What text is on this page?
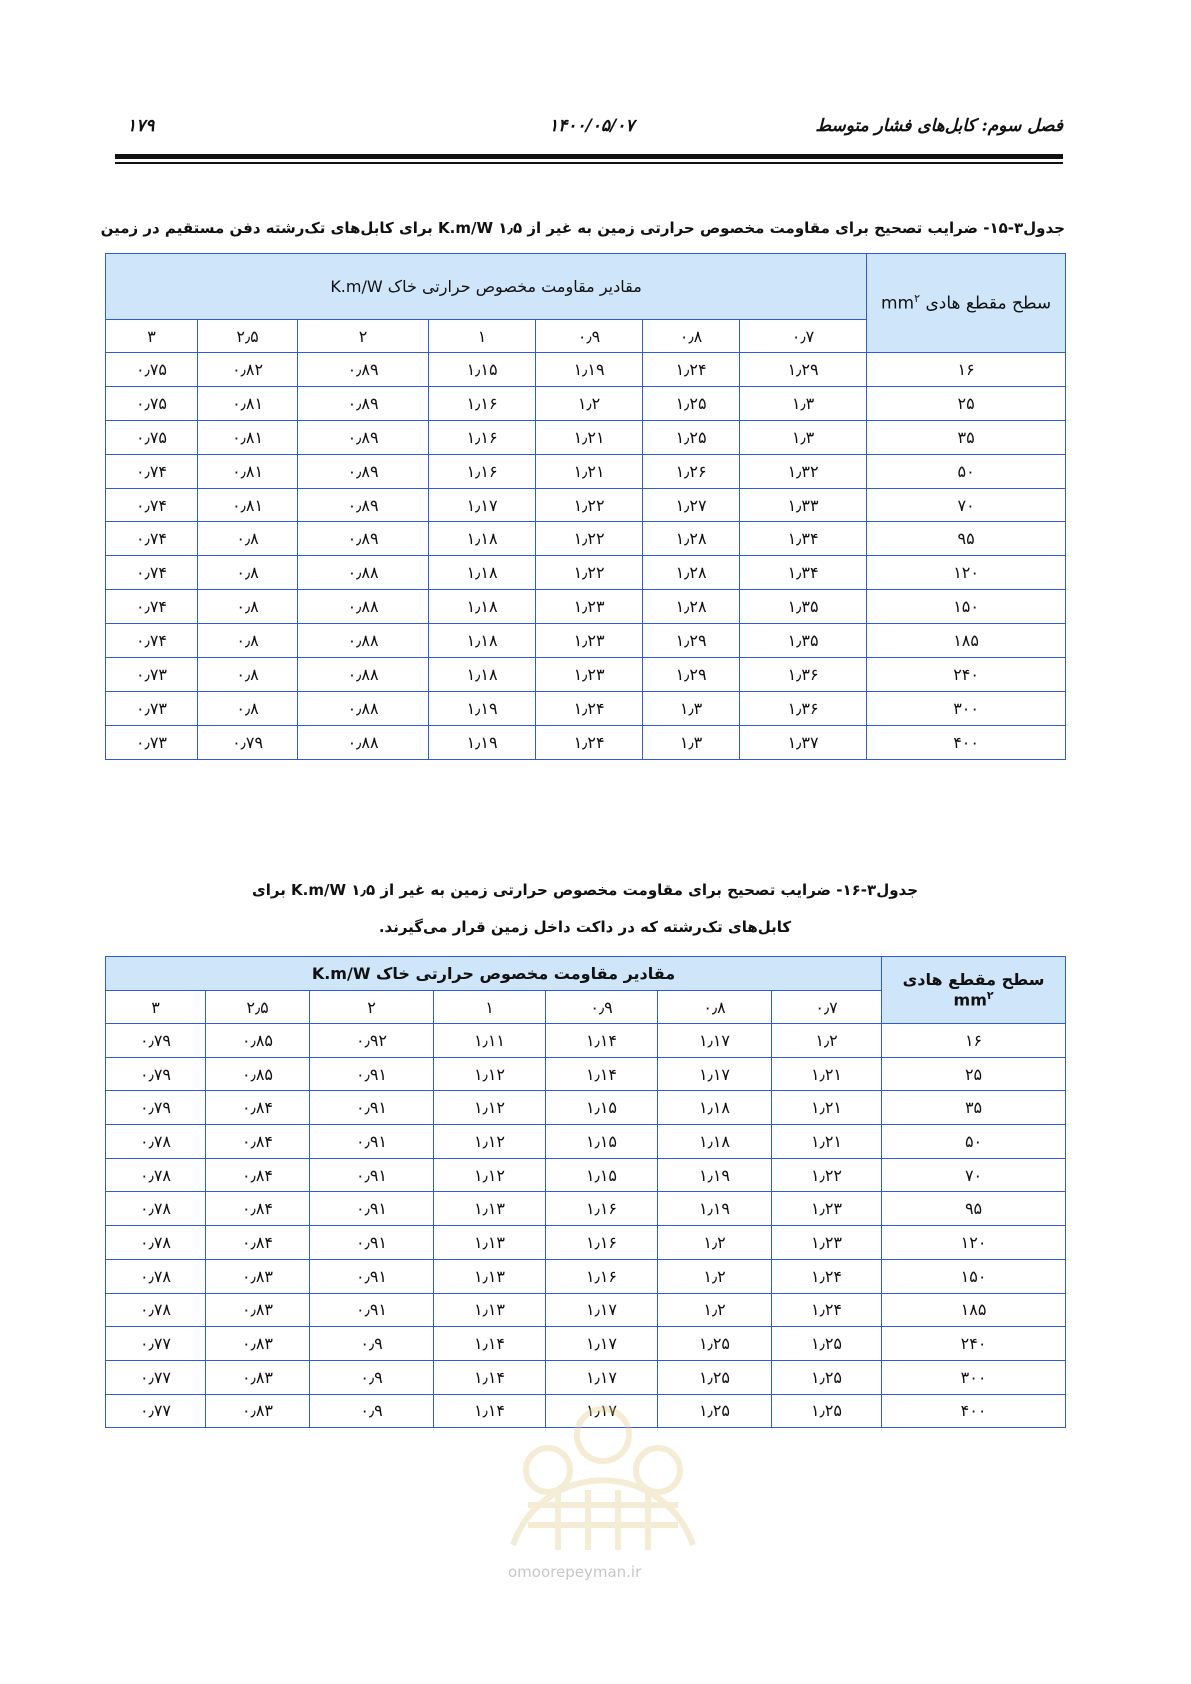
فصل سوم: کابل‌های فشار متوسط
۱۴۰۰/۰۵/۰۷
۱۷۹
جدول۳-۱۵- ضرایب تصحیح برای مقاومت مخصوص حرارتی زمین به غیر از K.m/W ۱٫۵ برای کابل‌های تک‌رشته دفن مستقیم در زمین
سطح مقطع هادی $mm^۲$	مقادیر مقاومت مخصوص حرارتی خاک K.m/W						
	۰٫۷	۰٫۸	۰٫۹	۱	۲	۲٫۵	۳
۱۶	۱٫۲۹	۱٫۲۴	۱٫۱۹	۱٫۱۵	۰٫۸۹	۰٫۸۲	۰٫۷۵
۲۵	۱٫۳	۱٫۲۵	۱٫۲	۱٫۱۶	۰٫۸۹	۰٫۸۱	۰٫۷۵
۳۵	۱٫۳	۱٫۲۵	۱٫۲۱	۱٫۱۶	۰٫۸۹	۰٫۸۱	۰٫۷۵
۵۰	۱٫۳۲	۱٫۲۶	۱٫۲۱	۱٫۱۶	۰٫۸۹	۰٫۸۱	۰٫۷۴
۷۰	۱٫۳۳	۱٫۲۷	۱٫۲۲	۱٫۱۷	۰٫۸۹	۰٫۸۱	۰٫۷۴
۹۵	۱٫۳۴	۱٫۲۸	۱٫۲۲	۱٫۱۸	۰٫۸۹	۰٫۸	۰٫۷۴
۱۲۰	۱٫۳۴	۱٫۲۸	۱٫۲۲	۱٫۱۸	۰٫۸۸	۰٫۸	۰٫۷۴
۱۵۰	۱٫۳۵	۱٫۲۸	۱٫۲۳	۱٫۱۸	۰٫۸۸	۰٫۸	۰٫۷۴
۱۸۵	۱٫۳۵	۱٫۲۹	۱٫۲۳	۱٫۱۸	۰٫۸۸	۰٫۸	۰٫۷۴
۲۴۰	۱٫۳۶	۱٫۲۹	۱٫۲۳	۱٫۱۸	۰٫۸۸	۰٫۸	۰٫۷۳
۳۰۰	۱٫۳۶	۱٫۳	۱٫۲۴	۱٫۱۹	۰٫۸۸	۰٫۸	۰٫۷۳
۴۰۰	۱٫۳۷	۱٫۳	۱٫۲۴	۱٫۱۹	۰٫۸۸	۰٫۷۹	۰٫۷۳
جدول۳-۱۶- ضرایب تصحیح برای مقاومت مخصوص حرارتی زمین به غیر از K.m/W ۱٫۵ برای
کابل‌های تک‌رشته که در داکت داخل زمین قرار می‌گیرند.
سطح مقطع هادی $mm^۲$	مقادیر مقاومت مخصوص حرارتی خاک K.m/W						
	۰٫۷	۰٫۸	۰٫۹	۱	۲	۲٫۵	۳
۱۶	۱٫۲	۱٫۱۷	۱٫۱۴	۱٫۱۱	۰٫۹۲	۰٫۸۵	۰٫۷۹
۲۵	۱٫۲۱	۱٫۱۷	۱٫۱۴	۱٫۱۲	۰٫۹۱	۰٫۸۵	۰٫۷۹
۳۵	۱٫۲۱	۱٫۱۸	۱٫۱۵	۱٫۱۲	۰٫۹۱	۰٫۸۴	۰٫۷۹
۵۰	۱٫۲۱	۱٫۱۸	۱٫۱۵	۱٫۱۲	۰٫۹۱	۰٫۸۴	۰٫۷۸
۷۰	۱٫۲۲	۱٫۱۹	۱٫۱۵	۱٫۱۲	۰٫۹۱	۰٫۸۴	۰٫۷۸
۹۵	۱٫۲۳	۱٫۱۹	۱٫۱۶	۱٫۱۳	۰٫۹۱	۰٫۸۴	۰٫۷۸
۱۲۰	۱٫۲۳	۱٫۲	۱٫۱۶	۱٫۱۳	۰٫۹۱	۰٫۸۴	۰٫۷۸
۱۵۰	۱٫۲۴	۱٫۲	۱٫۱۶	۱٫۱۳	۰٫۹۱	۰٫۸۳	۰٫۷۸
۱۸۵	۱٫۲۴	۱٫۲	۱٫۱۷	۱٫۱۳	۰٫۹۱	۰٫۸۳	۰٫۷۸
۲۴۰	۱٫۲۵	۱٫۲۵	۱٫۱۷	۱٫۱۴	۰٫۹	۰٫۸۳	۰٫۷۷
۳۰۰	۱٫۲۵	۱٫۲۵	۱٫۱۷	۱٫۱۴	۰٫۹	۰٫۸۳	۰٫۷۷
۴۰۰	۱٫۲۵	۱٫۲۵	۱٫۱۷	۱٫۱۴	۰٫۹	۰٫۸۳	۰٫۷۷
omoorepeyman.ir
